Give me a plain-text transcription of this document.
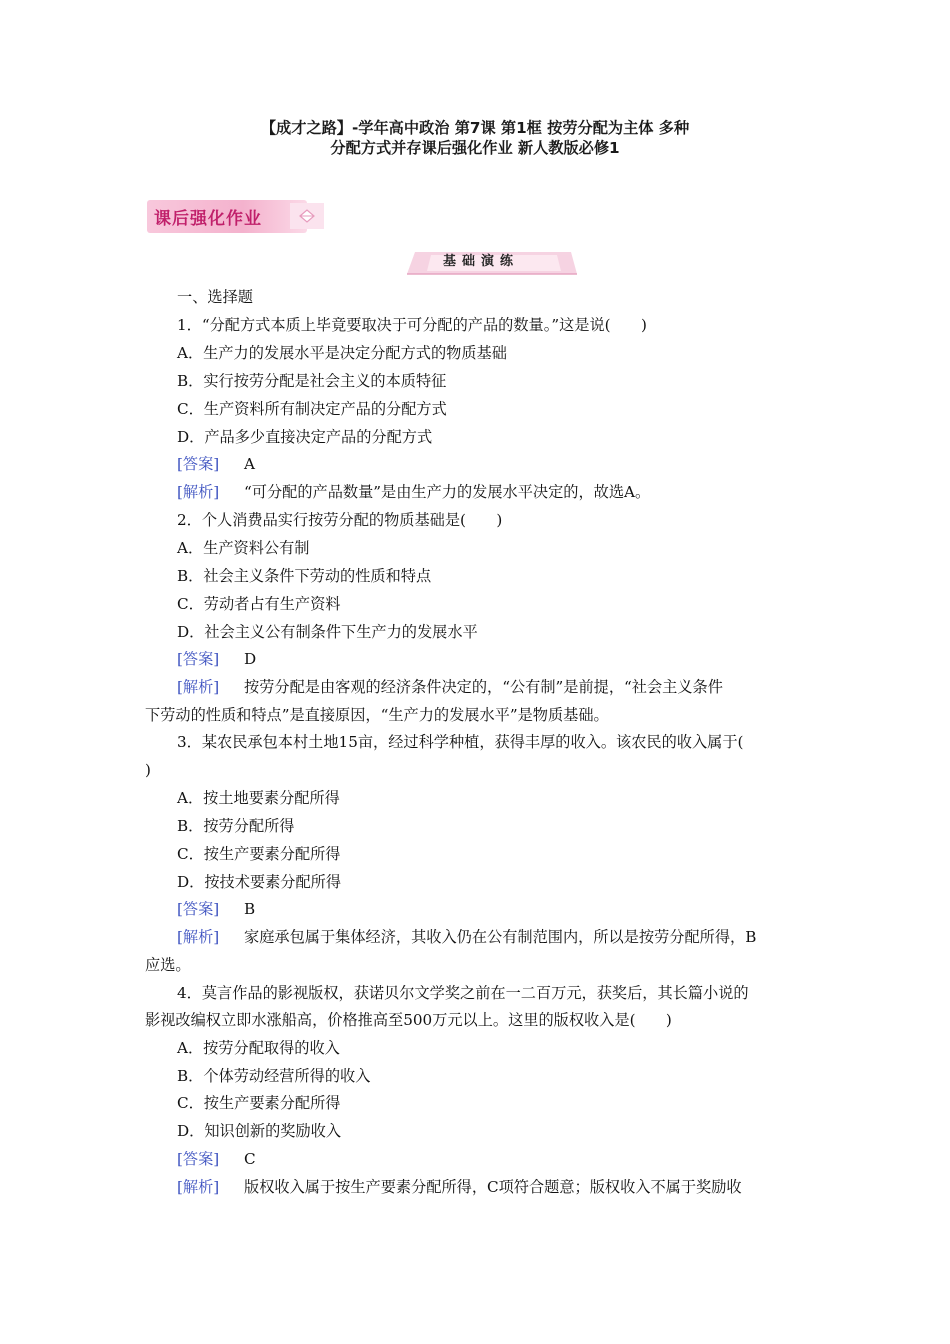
【成才之路】-学年高中政治 第7课 第1框 按劳分配为主体 多种
分配方式并存课后强化作业 新人教版必修1
课后强化作业
基础演练
一、选择题
1．“分配方式本质上毕竟要取决于可分配的产品的数量。”这是说(　　)
A．生产力的发展水平是决定分配方式的物质基础
B．实行按劳分配是社会主义的本质特征
C．生产资料所有制决定产品的分配方式
D．产品多少直接决定产品的分配方式
[答案] A
[解析] “可分配的产品数量”是由生产力的发展水平决定的，故选A。
2．个人消费品实行按劳分配的物质基础是(　　)
A．生产资料公有制
B．社会主义条件下劳动的性质和特点
C．劳动者占有生产资料
D．社会主义公有制条件下生产力的发展水平
[答案] D
[解析] 按劳分配是由客观的经济条件决定的，“公有制”是前提，“社会主义条件
下劳动的性质和特点”是直接原因，“生产力的发展水平”是物质基础。
3．某农民承包本村土地15亩，经过科学种植，获得丰厚的收入。该农民的收入属于(
)
A．按土地要素分配所得
B．按劳分配所得
C．按生产要素分配所得
D．按技术要素分配所得
[答案] B
[解析] 家庭承包属于集体经济，其收入仍在公有制范围内，所以是按劳分配所得，B
应选。
4．莫言作品的影视版权，获诺贝尔文学奖之前在一二百万元，获奖后，其长篇小说的
影视改编权立即水涨船高，价格推高至500万元以上。这里的版权收入是(　　)
A．按劳分配取得的收入
B．个体劳动经营所得的收入
C．按生产要素分配所得
D．知识创新的奖励收入
[答案] C
[解析] 版权收入属于按生产要素分配所得，C项符合题意；版权收入不属于奖励收
